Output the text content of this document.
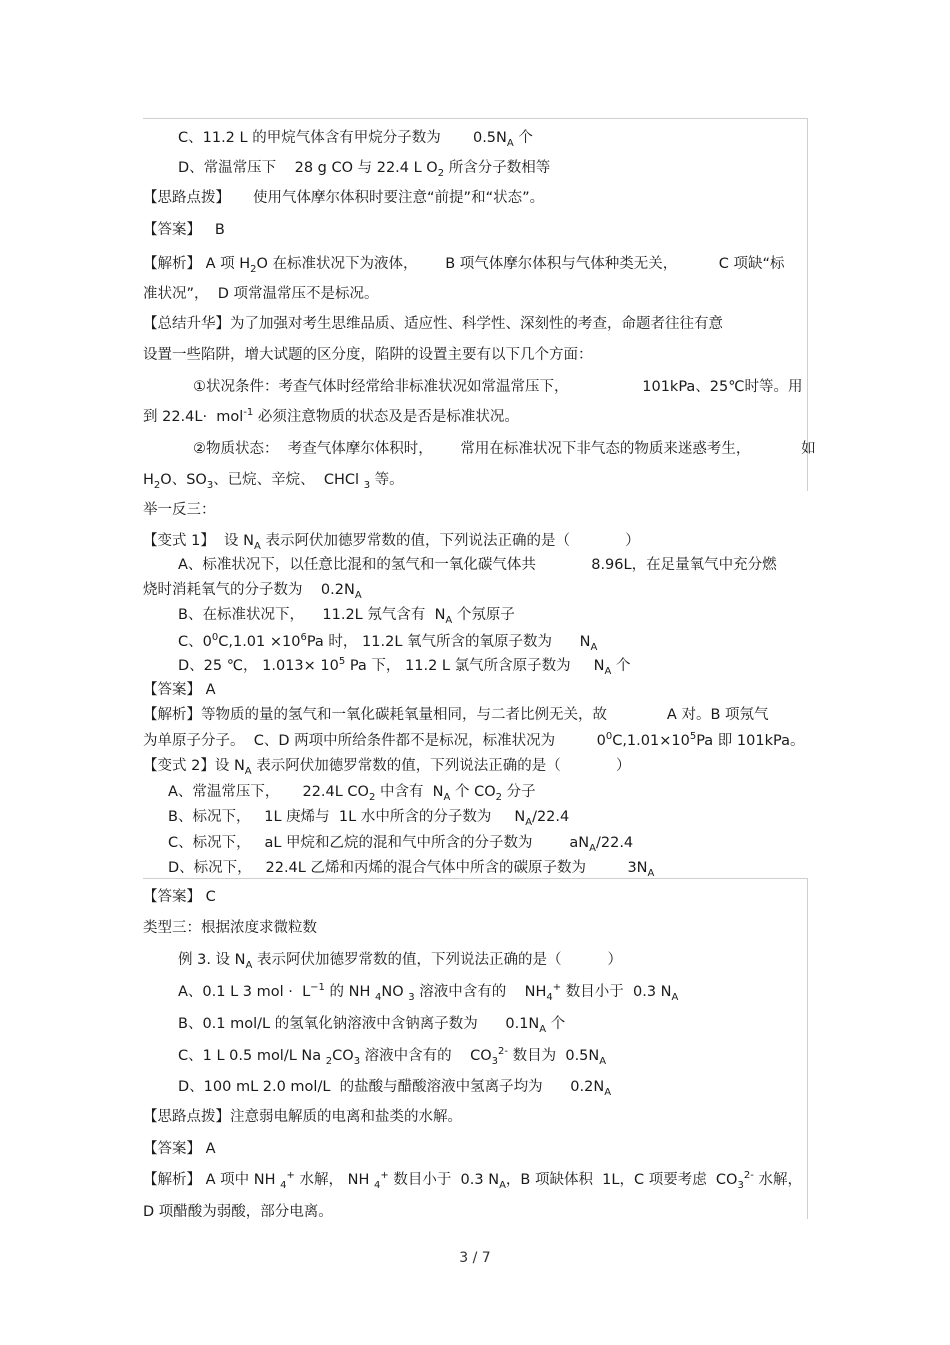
C、11.2 L 的甲烷气体含有甲烷分子数为       $0.5N_A$ 个
D、常温常压下    28 g CO 与 22.4 L $O_2$ 所含分子数相等
【思路点拨】     使用气体摩尔体积时要注意“前提”和“状态”。
【答案】   B
【解析】 A 项 $H_2O$ 在标准状况下为液体，      B 项气体摩尔体积与气体种类无关，         C 项缺“标
准状况”，  D 项常温常压不是标况。
【总结升华】为了加强对考生思维品质、适应性、科学性、深刻性的考查，命题者往往有意
设置一些陷阱，增大试题的区分度，陷阱的设置主要有以下几个方面：
①状况条件：考查气体时经常给非标准状况如常温常压下，                101kPa、25℃时等。用
到 22.4L·  mol$^{-1}$ 必须注意物质的状态及是否是标准状况。
②物质状态：  考查气体摩尔体积时，      常用在标准状况下非气态的物质来迷惑考生，           如
$H_2O$、$SO_3$、已烷、辛烷、  CHCl $_3$ 等。
举一反三：
【变式 1】  设 $N_A$ 表示阿伏加德罗常数的值，下列说法正确的是（            ）
A、标准状况下，以任意比混和的氢气和一氧化碳气体共            8.96L，在足量氧气中充分燃
烧时消耗氧气的分子数为    $0.2N_A$
B、在标准状况下，    11.2L 氖气含有  $N_A$ 个氖原子
C、$0^0C,1.01 \times 10^6Pa$ 时， 11.2L 氧气所含的氧原子数为      $N_A$
D、25 ℃， $1.013\times 10^5$ Pa 下， 11.2 L 氯气所含原子数为     $N_A$ 个
【答案】 A
【解析】等物质的量的氢气和一氧化碳耗氧量相同，与二者比例无关，故             A 对。B 项氖气
为单原子分子。  C、D 两项中所给条件都不是标况，标准状况为         $0^0C,1.01\times 10^5Pa$ 即 101kPa。
【变式 2】设 $N_A$ 表示阿伏加德罗常数的值，下列说法正确的是（            ）
A、常温常压下，     22.4L $CO_2$ 中含有  $N_A$ 个 $CO_2$ 分子
B、标况下，   1L 庚烯与  1L 水中所含的分子数为     $N_A/22.4$
C、标况下，   aL 甲烷和乙烷的混和气中所含的分子数为        $aN_A/22.4$
D、标况下，   22.4L 乙烯和丙烯的混合气体中所含的碳原子数为         $3N_A$
【答案】 C
类型三：根据浓度求微粒数
例 3. 设 $N_A$ 表示阿伏加德罗常数的值，下列说法正确的是（          ）
A、0.1 L 3 mol ·  $L^{-1}$ 的 NH $_4$NO $_3$ 溶液中含有的    $NH_4^+$ 数目小于  0.3 $N_A$
B、0.1 mol/L 的氢氧化钠溶液中含钠离子数为      $0.1N_A$ 个
C、1 L 0.5 mol/L Na $_2CO_3$ 溶液中含有的    $CO_3^{2-}$ 数目为  $0.5N_A$
D、100 mL 2.0 mol/L  的盐酸与醋酸溶液中氢离子均为      $0.2N_A$
【思路点拨】注意弱电解质的电离和盐类的水解。
【答案】 A
【解析】 A 项中 NH $_4$+ 水解， NH $_4$+ 数目小于  0.3 $N_A$，B 项缺体积  1L，C 项要考虑  $CO_3^{2-}$ 水解，
D 项醋酸为弱酸，部分电离。
3 / 7
